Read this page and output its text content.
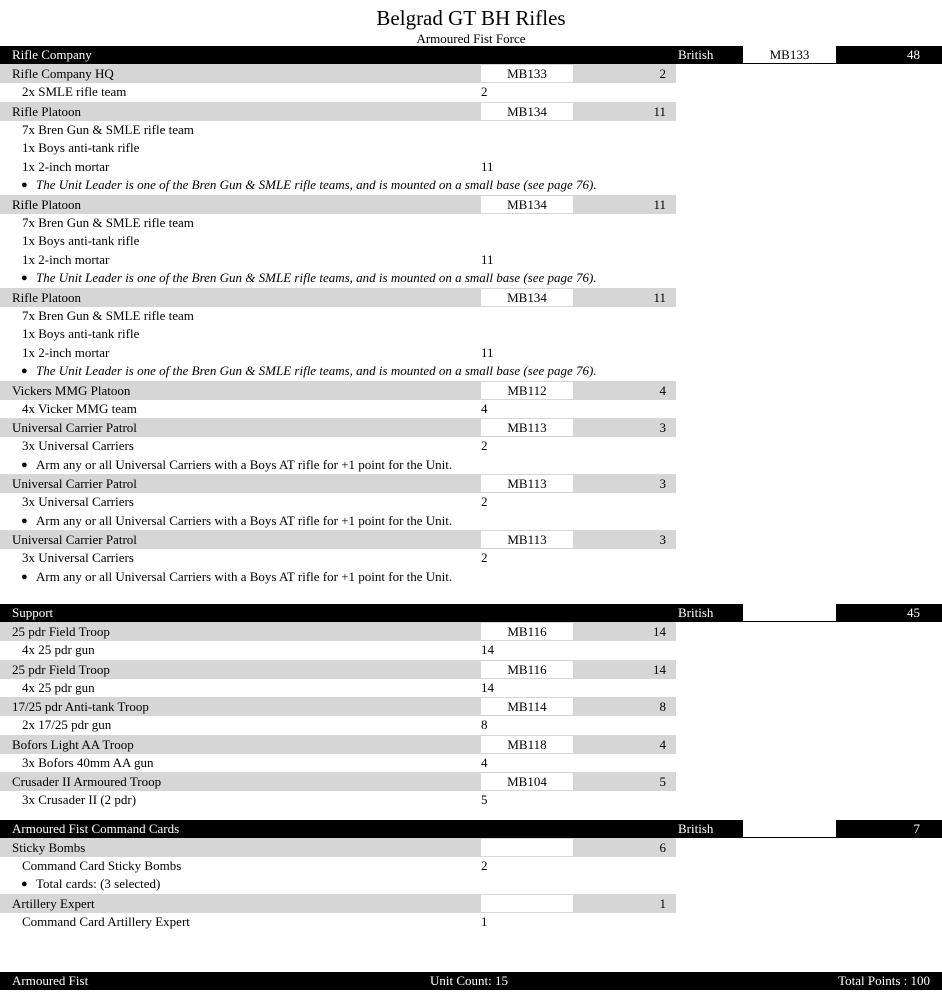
Belgrad GT BH Rifles
Armoured Fist Force
Rifle Company	British	MB133	48
Rifle Company HQ	MB133	2
2x SMLE rifle team	2
Rifle Platoon	MB134	11
7x Bren Gun & SMLE rifle team
1x Boys anti-tank rifle
1x 2-inch mortar	11
● The Unit Leader is one of the Bren Gun & SMLE rifle teams, and is mounted on a small base (see page 76).
Rifle Platoon	MB134	11
7x Bren Gun & SMLE rifle team
1x Boys anti-tank rifle
1x 2-inch mortar	11
● The Unit Leader is one of the Bren Gun & SMLE rifle teams, and is mounted on a small base (see page 76).
Rifle Platoon	MB134	11
7x Bren Gun & SMLE rifle team
1x Boys anti-tank rifle
1x 2-inch mortar	11
● The Unit Leader is one of the Bren Gun & SMLE rifle teams, and is mounted on a small base (see page 76).
Vickers MMG Platoon	MB112	4
4x Vicker MMG team	4
Universal Carrier Patrol	MB113	3
3x Universal Carriers	2
● Arm any or all Universal Carriers with a Boys AT rifle for +1 point for the Unit.
Universal Carrier Patrol	MB113	3
3x Universal Carriers	2
● Arm any or all Universal Carriers with a Boys AT rifle for +1 point for the Unit.
Universal Carrier Patrol	MB113	3
3x Universal Carriers	2
● Arm any or all Universal Carriers with a Boys AT rifle for +1 point for the Unit.
Support	British	45
25 pdr Field Troop	MB116	14
4x 25 pdr gun	14
25 pdr Field Troop	MB116	14
4x 25 pdr gun	14
17/25 pdr Anti-tank Troop	MB114	8
2x 17/25 pdr gun	8
Bofors Light AA Troop	MB118	4
3x Bofors 40mm AA gun	4
Crusader II Armoured Troop	MB104	5
3x Crusader II (2 pdr)	5
Armoured Fist Command Cards	British	7
Sticky Bombs	6
Command Card Sticky Bombs	2
● Total cards: (3 selected)
Artillery Expert	1
Command Card Artillery Expert	1
Armoured Fist	Unit Count: 15	Total Points : 100
